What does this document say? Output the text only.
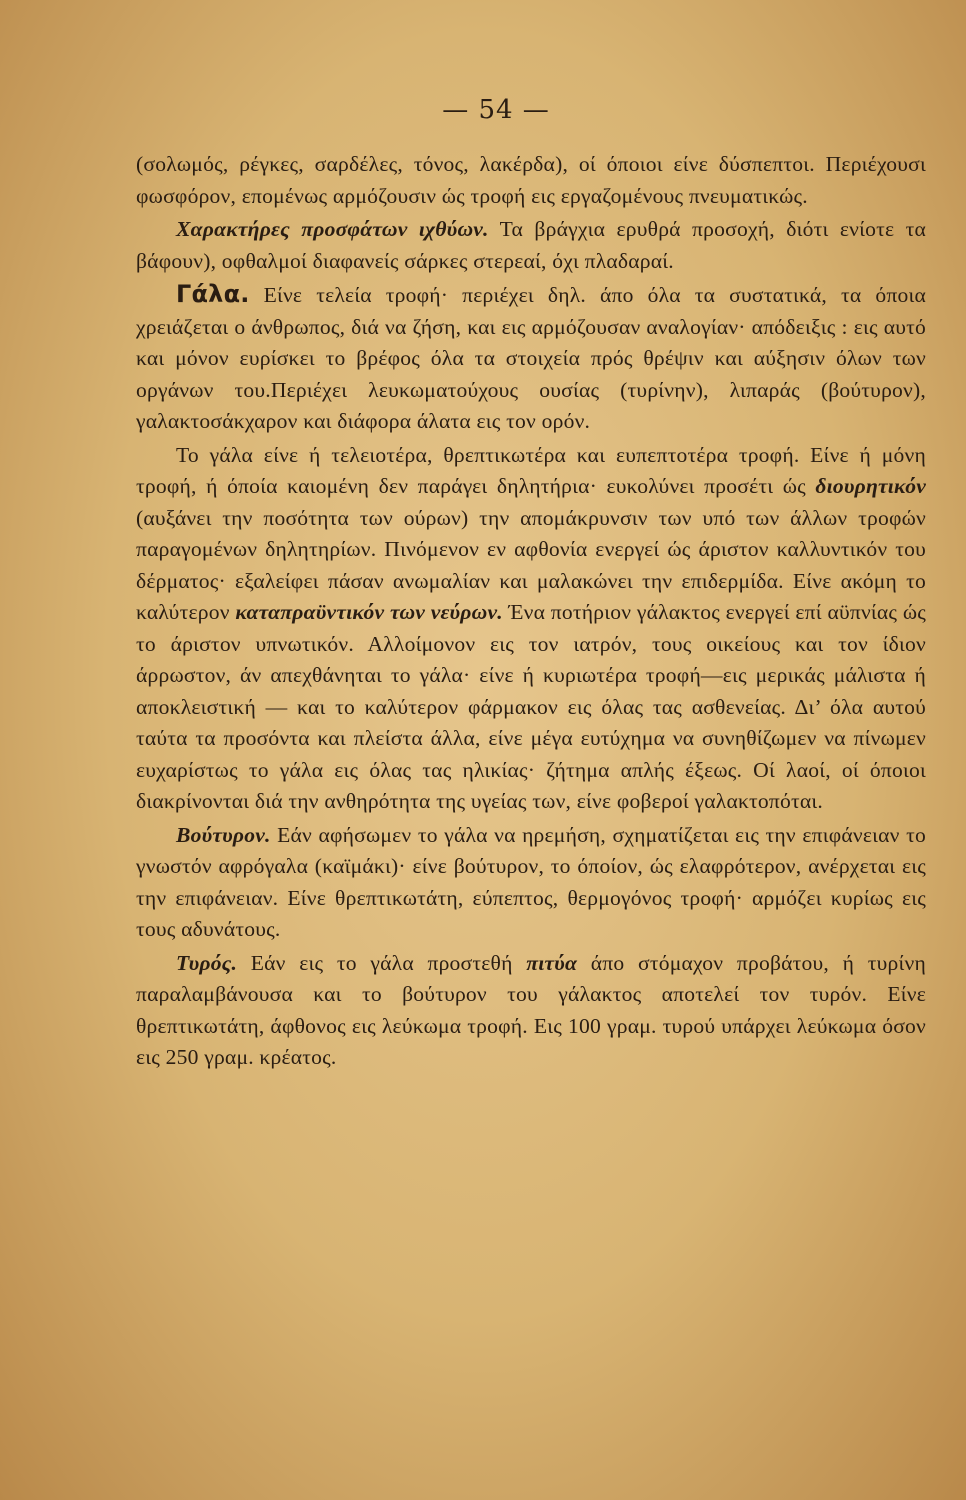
— 54 —

(σολωμός, ρέγκες, σαρδέλες, τόνος, λακέρδα), οί όποιοι είνε δύσπεπτοι. Περιέχουσι φωσφόρον, επομένως αρμόζουσιν ώς τροφή εις εργαζομένους πνευματικώς.

Χαρακτήρες προσφάτων ιχθύων. Τα βράγχια ερυθρά προσοχή, διότι ενίοτε τα βάφουν), οφθαλμοί διαφανείς σάρκες στερεαί, όχι πλαδαραί.

Γάλα. Είνε τελεία τροφή· περιέχει δηλ. άπο όλα τα συστατικά, τα όποια χρειάζεται ο άνθρωπος, διά να ζήση, και εις αρμόζουσαν αναλογίαν· απόδειξις : εις αυτό και μόνον ευρίσκει το βρέφος όλα τα στοιχεία πρός θρέψιν και αύξησιν όλων των οργάνων του.Περιέχει λευκωματούχους ουσίας (τυρίνην), λιπαράς (βούτυρον), γαλακτοσάκχαρον και διάφορα άλατα εις τον ορόν.

Το γάλα είνε ή τελειοτέρα, θρεπτικωτέρα και ευπεπτοτέρα τροφή. Είνε ή μόνη τροφή, ή όποία καιομένη δεν παράγει δηλητήρια· ευκολύνει προσέτι ώς διουρητικόν (αυξάνει την ποσότητα των ούρων) την απομάκρυνσιν των υπό των άλλων τροφών παραγομένων δηλητηρίων. Πινόμενον εν αφθονία ενεργεί ώς άριστον καλλυντικόν του δέρματος· εξαλείφει πάσαν ανωμαλίαν και μαλακώνει την επιδερμίδα. Είνε ακόμη το καλύτερον καταπραϋντικόν των νεύρων. Ένα ποτήριον γάλακτος ενεργεί επί αϋπνίας ώς το άριστον υπνωτικόν. Αλλοίμονον εις τον ιατρόν, τους οικείους και τον ίδιον άρρωστον, άν απεχθάνηται το γάλα· είνε ή κυριωτέρα τροφή—εις μερικάς μάλιστα ή αποκλειστική — και το καλύτερον φάρμακον εις όλας τας ασθενείας. Δι’ όλα αυτού ταύτα τα προσόντα και πλείστα άλλα, είνε μέγα ευτύχημα να συνηθίζωμεν να πίνωμεν ευχαρίστως το γάλα εις όλας τας ηλικίας· ζήτημα απλής έξεως. Οί λαοί, οί όποιοι διακρίνονται διά την ανθηρότητα της υγείας των, είνε φοβεροί γαλακτοπόται.

Βούτυρον. Εάν αφήσωμεν το γάλα να ηρεμήση, σχηματίζεται εις την επιφάνειαν το γνωστόν αφρόγαλα (καϊμάκι)· είνε βούτυρον, το όποίον, ώς ελαφρότερον, ανέρχεται εις την επιφάνειαν. Είνε θρεπτικωτάτη, εύπεπτος, θερμογόνος τροφή· αρμόζει κυρίως εις τους αδυνάτους.

Τυρός. Εάν εις το γάλα προστεθή πιτύα άπο στόμαχον προβάτου, ή τυρίνη παραλαμβάνουσα και το βούτυρον του γάλακτος αποτελεί τον τυρόν. Είνε θρεπτικωτάτη, άφθονος εις λεύκωμα τροφή. Εις 100 γραμ. τυρού υπάρχει λεύκωμα όσον εις 250 γραμ. κρέατος.
